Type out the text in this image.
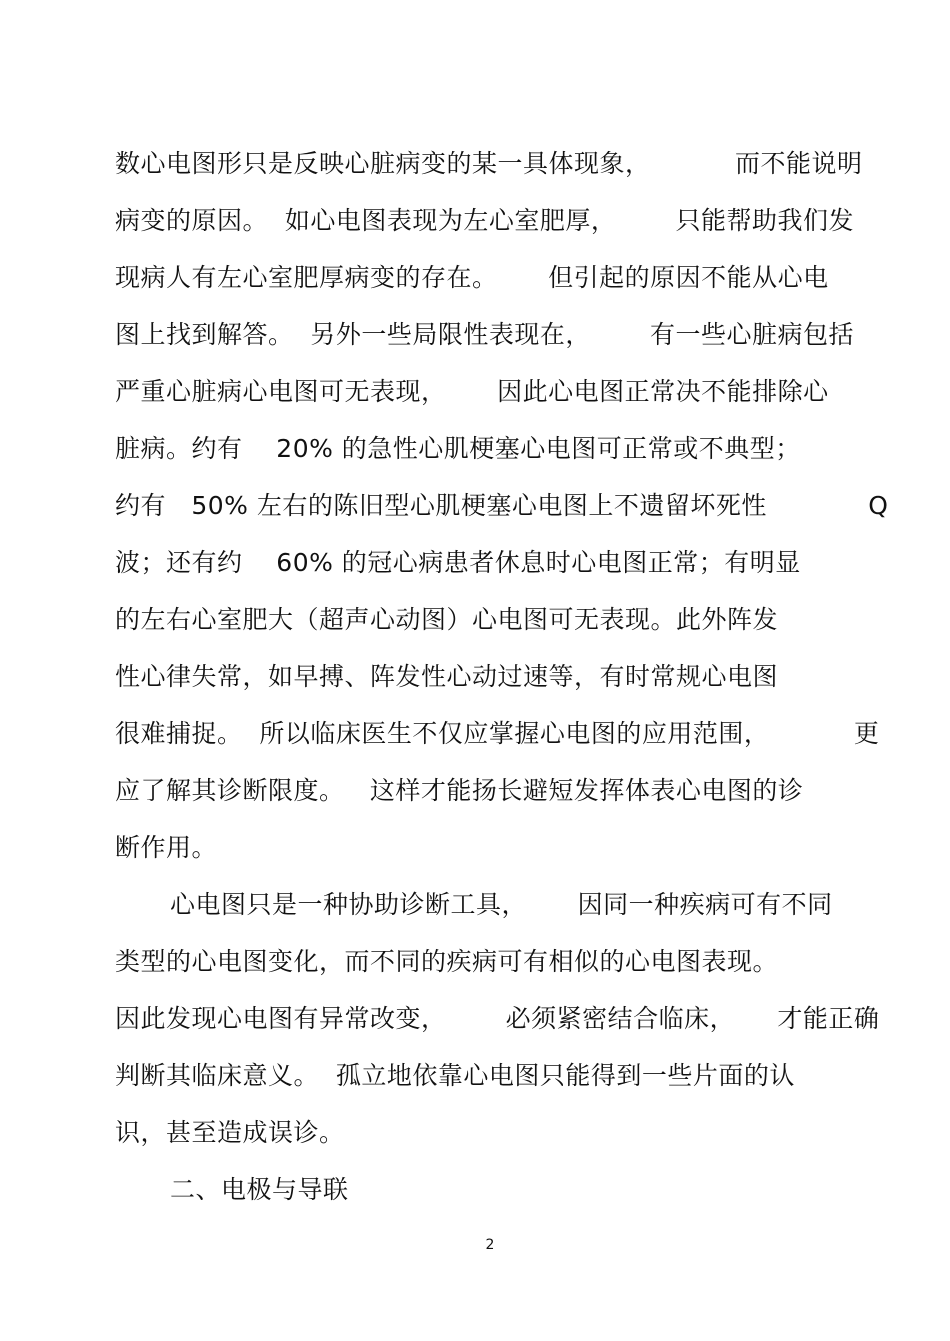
数心电图形只是反映心脏病变的某一具体现象，          而不能说明
病变的原因。  如心电图表现为左心室肥厚，       只能帮助我们发
现病人有左心室肥厚病变的存在。      但引起的原因不能从心电
图上找到解答。  另外一些局限性表现在，       有一些心脏病包括
严重心脏病心电图可无表现，      因此心电图正常决不能排除心
脏病。约有    20% 的急性心肌梗塞心电图可正常或不典型；
约有   50% 左右的陈旧型心肌梗塞心电图上不遗留坏死性            Q
波；还有约    60% 的冠心病患者休息时心电图正常；有明显
的左右心室肥大（超声心动图）心电图可无表现。此外阵发
性心律失常，如早搏、阵发性心动过速等，有时常规心电图
很难捕捉。  所以临床医生不仅应掌握心电图的应用范围，          更
应了解其诊断限度。   这样才能扬长避短发挥体表心电图的诊
断作用。
心电图只是一种协助诊断工具，      因同一种疾病可有不同
类型的心电图变化，而不同的疾病可有相似的心电图表现。
因此发现心电图有异常改变，       必须紧密结合临床，     才能正确
判断其临床意义。  孤立地依靠心电图只能得到一些片面的认
识，甚至造成误诊。
二、电极与导联
2
